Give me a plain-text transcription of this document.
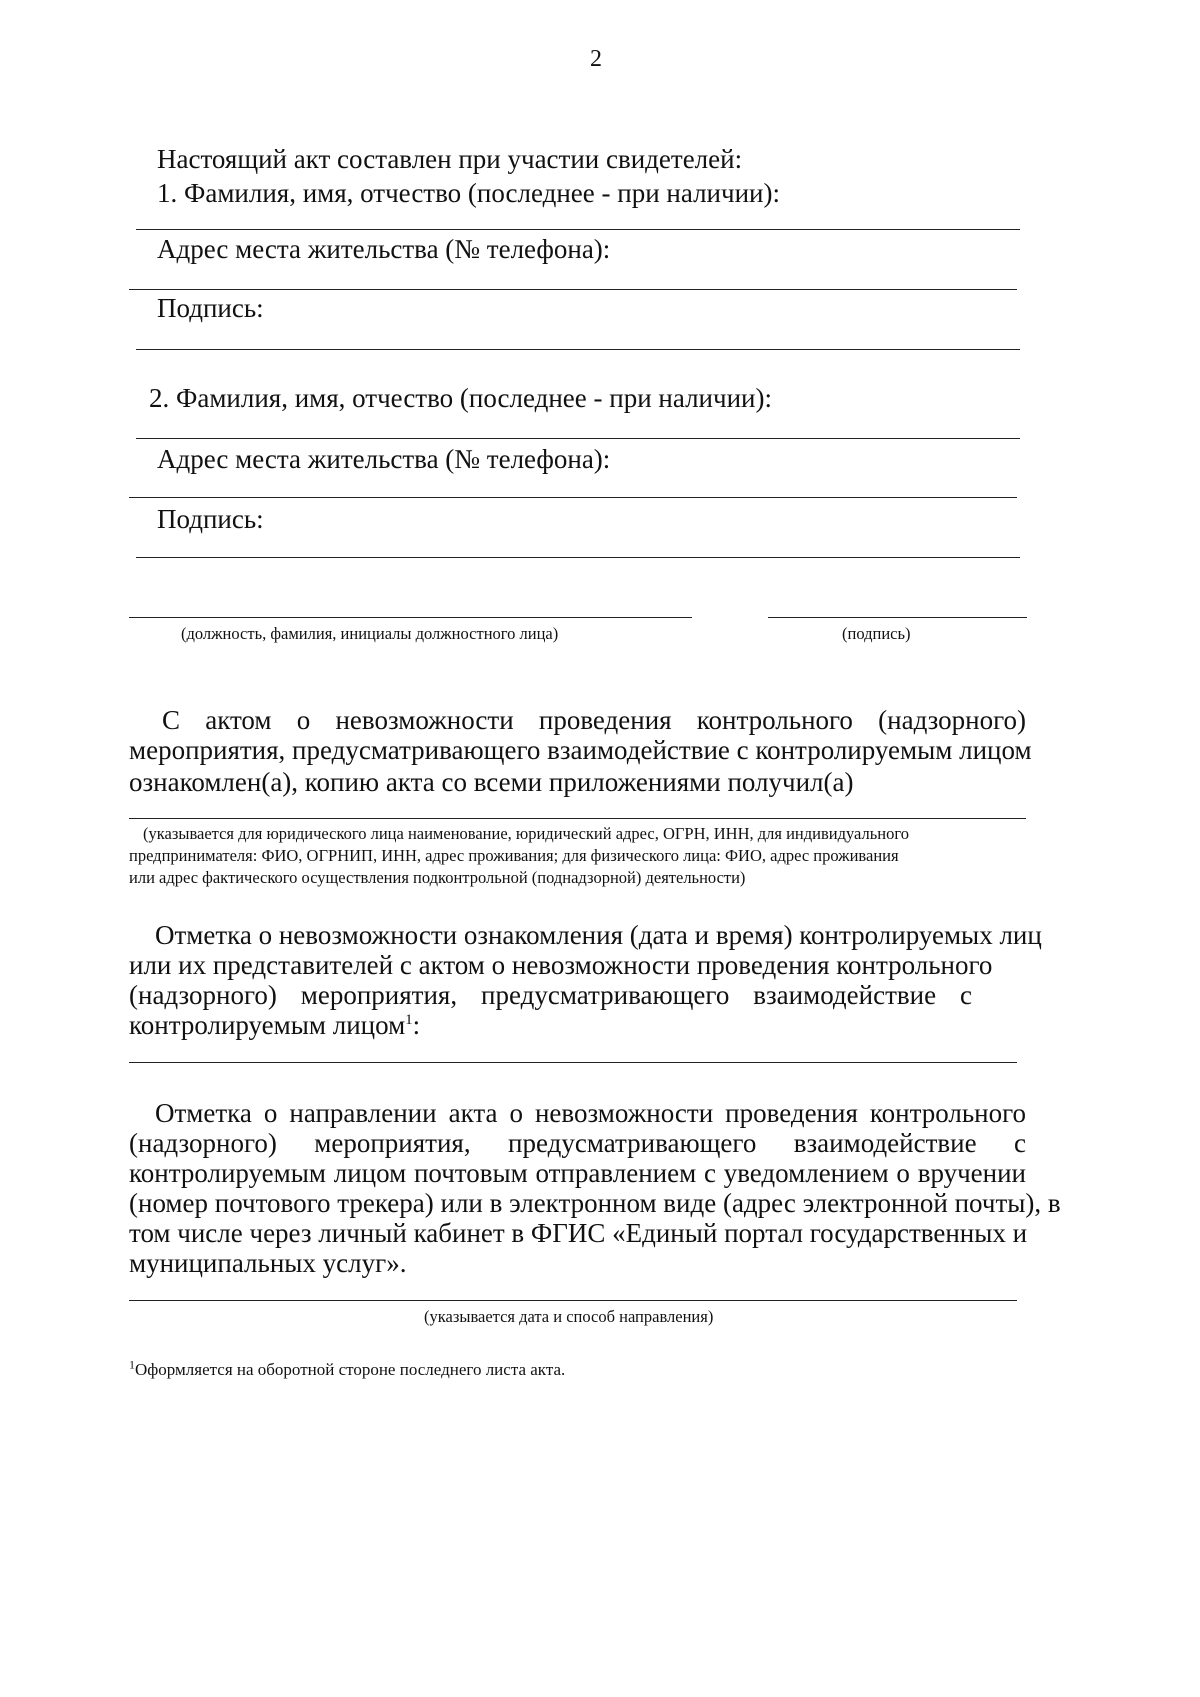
2
Настоящий акт составлен при участии свидетелей:
1. Фамилия, имя, отчество (последнее - при наличии):
Адрес места жительства (№ телефона):
Подпись:
2. Фамилия, имя, отчество (последнее - при наличии):
Адрес места жительства (№ телефона):
Подпись:
(должность, фамилия, инициалы должностного лица)	(подпись)
С актом о невозможности проведения контрольного (надзорного)
мероприятия, предусматривающего взаимодействие с контролируемым лицом
ознакомлен(а), копию акта со всеми приложениями получил(а)
(указывается для юридического лица наименование, юридический адрес, ОГРН, ИНН, для индивидуального
предпринимателя: ФИО, ОГРНИП, ИНН, адрес проживания; для физического лица: ФИО, адрес проживания
или адрес фактического осуществления подконтрольной (поднадзорной) деятельности)
Отметка о невозможности ознакомления (дата и время) контролируемых лиц
или их представителей с актом о невозможности проведения контрольного
(надзорного) мероприятия, предусматривающего взаимодействие с
контролируемым лицом$^1$:
Отметка о направлении акта о невозможности проведения контрольного
(надзорного) мероприятия, предусматривающего взаимодействие с
контролируемым лицом почтовым отправлением с уведомлением о вручении
(номер почтового трекера) или в электронном виде (адрес электронной почты), в
том числе через личный кабинет в ФГИС «Единый портал государственных и
муниципальных услуг».
(указывается дата и способ направления)
$^1$Оформляется на оборотной стороне последнего листа акта.
